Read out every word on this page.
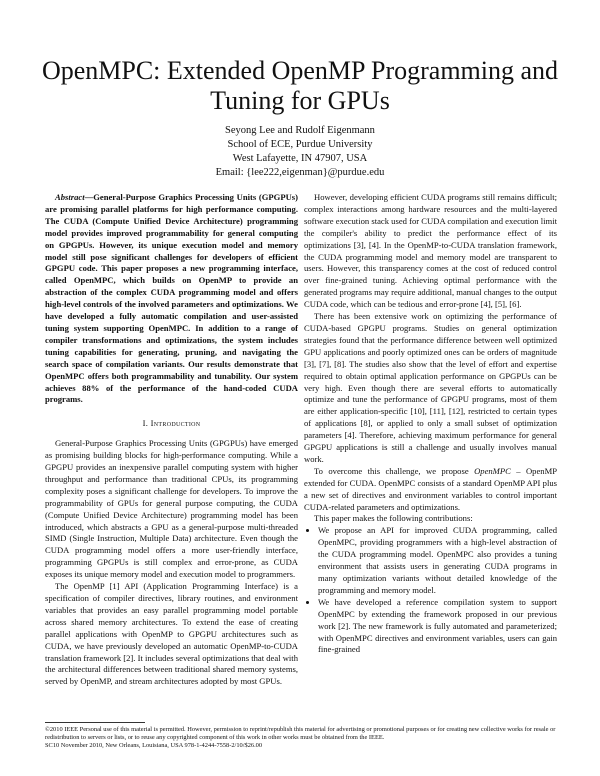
OpenMPC: Extended OpenMP Programming and Tuning for GPUs
Seyong Lee and Rudolf Eigenmann
School of ECE, Purdue University
West Lafayette, IN 47907, USA
Email: {lee222,eigenman}@purdue.edu

Abstract—General-Purpose Graphics Processing Units (GPGPUs) are promising parallel platforms for high performance computing. The CUDA (Compute Unified Device Architecture) programming model provides improved programmability for general computing on GPGPUs. However, its unique execution model and memory model still pose significant challenges for developers of efficient GPGPU code. This paper proposes a new programming interface, called OpenMPC, which builds on OpenMP to provide an abstraction of the complex CUDA programming model and offers high-level controls of the involved parameters and optimizations. We have developed a fully automatic compilation and user-assisted tuning system supporting OpenMPC. In addition to a range of compiler transformations and optimizations, the system includes tuning capabilities for generating, pruning, and navigating the search space of compilation variants. Our results demonstrate that OpenMPC offers both programmability and tunability. Our system achieves 88% of the performance of the hand-coded CUDA programs.

I. Introduction

General-Purpose Graphics Processing Units (GPGPUs) have emerged as promising building blocks for high-performance computing. While a GPGPU provides an inexpensive parallel computing system with higher throughput and performance than traditional CPUs, its programming complexity poses a significant challenge for developers. To improve the programmability of GPUs for general purpose computing, the CUDA (Compute Unified Device Architecture) programming model has been introduced, which abstracts a GPU as a general-purpose multi-threaded SIMD (Single Instruction, Multiple Data) architecture. Even though the CUDA programming model offers a more user-friendly interface, programming GPGPUs is still complex and error-prone, as CUDA exposes its unique memory model and execution model to programmers.

The OpenMP [1] API (Application Programming Interface) is a specification of compiler directives, library routines, and environment variables that provides an easy parallel programming model portable across shared memory architectures. To extend the ease of creating parallel applications with OpenMP to GPGPU architectures such as CUDA, we have previously developed an automatic OpenMP-to-CUDA translation framework [2]. It includes several optimizations that deal with the architectural differences between traditional shared memory systems, served by OpenMP, and stream architectures adopted by most GPUs.

However, developing efficient CUDA programs still remains difficult; complex interactions among hardware resources and the multi-layered software execution stack used for CUDA compilation and execution limit the compiler's ability to predict the performance effect of its optimizations [3], [4]. In the OpenMP-to-CUDA translation framework, the CUDA programming model and memory model are transparent to users. However, this transparency comes at the cost of reduced control over fine-grained tuning. Achieving optimal performance with the generated programs may require additional, manual changes to the output CUDA code, which can be tedious and error-prone [4], [5], [6].

There has been extensive work on optimizing the performance of CUDA-based GPGPU programs. Studies on general optimization strategies found that the performance difference between well optimized GPU applications and poorly optimized ones can be orders of magnitude [3], [7], [8]. The studies also show that the level of effort and expertise required to obtain optimal application performance on GPGPUs can be very high. Even though there are several efforts to automatically optimize and tune the performance of GPGPU programs, most of them are either application-specific [10], [11], [12], restricted to certain types of applications [8], or applied to only a small subset of optimization parameters [4]. Therefore, achieving maximum performance for general GPGPU applications is still a challenge and usually involves manual work.

To overcome this challenge, we propose OpenMPC – OpenMP extended for CUDA. OpenMPC consists of a standard OpenMP API plus a new set of directives and environment variables to control important CUDA-related parameters and optimizations.

This paper makes the following contributions:

• We propose an API for improved CUDA programming, called OpenMPC, providing programmers with a high-level abstraction of the CUDA programming model. OpenMPC also provides a tuning environment that assists users in generating CUDA programs in many optimization variants without detailed knowledge of the programming and memory model.
• We have developed a reference compilation system to support OpenMPC by extending the framework proposed in our previous work [2]. The new framework is fully automated and parameterized; with OpenMPC directives and environment variables, users can gain fine-grained
©2010 IEEE Personal use of this material is permitted. However, permission to reprint/republish this material for advertising or promotional purposes or for creating new collective works for resale or redistribution to servers or lists, or to reuse any copyrighted component of this work in other works must be obtained from the IEEE.
SC10 November 2010, New Orleans, Louisiana, USA 978-1-4244-7558-2/10/$26.00
